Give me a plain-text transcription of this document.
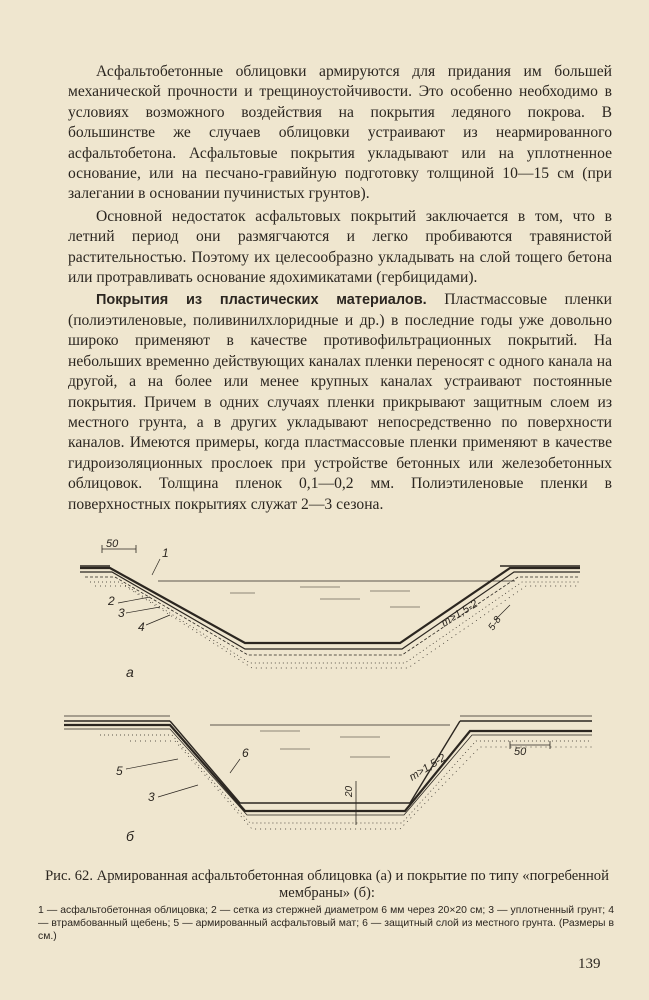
Асфальтобетонные облицовки армируются для придания им большей механической прочности и трещиноустойчивости. Это особенно необходимо в условиях возможного воздействия на покрытия ледяного покрова. В большинстве же случаев облицовки устраивают из неармированного асфальтобетона. Асфальтовые покрытия укладывают или на уплотненное основание, или на песчано-гравийную подготовку толщиной 10—15 см (при залегании в основании пучинистых грунтов).

Основной недостаток асфальтовых покрытий заключается в том, что в летний период они размягчаются и легко пробиваются травянистой растительностью. Поэтому их целесообразно укладывать на слой тощего бетона или протравливать основание ядохимикатами (гербицидами).

Покрытия из пластических материалов. Пластмассовые пленки (полиэтиленовые, поливинилхлоридные и др.) в последние годы уже довольно широко применяют в качестве противофильтрационных покрытий. На небольших временно действующих каналах пленки переносят с одного канала на другой, а на более или менее крупных каналах устраивают постоянные покрытия. Причем в одних случаях пленки прикрывают защитным слоем из местного грунта, а в других укладывают непосредственно по поверхности каналов. Имеются примеры, когда пластмассовые пленки применяют в качестве гидроизоляционных прослоек при устройстве бетонных или железобетонных облицовок. Толщина пленок 0,1—0,2 мм. Полиэтиленовые пленки в поверхностных покрытиях служат 2—3 сезона.

50
1
2
3
4	m>1,5-2 5-8
а
50
6
5
3	20
m>1,5-2
б
Рис. 62. Армированная асфальтобетонная облицовка (а) и покрытие по типу «погребенной мембраны» (б):
1 — асфальтобетонная облицовка; 2 — сетка из стержней диаметром 6 мм через 20×20 см; 3 — уплотненный грунт; 4 — втрамбованный щебень; 5 — армированный асфальтовый мат; 6 — защитный слой из местного грунта. (Размеры в см.)
139
